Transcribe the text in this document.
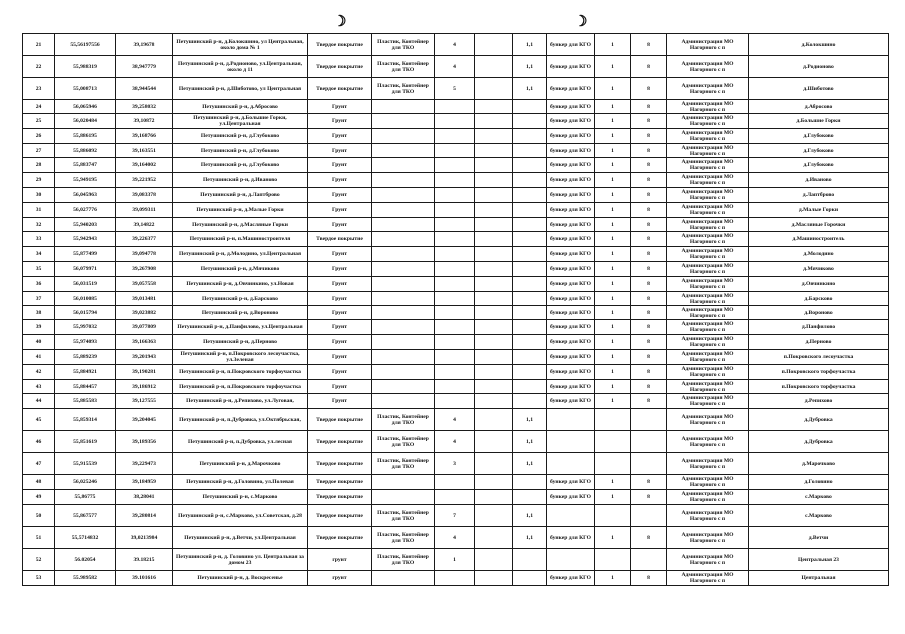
☽	☽
21	55,56197556	39,19678	Петушинский р-н, д.Колокшино, ул Центральная, около дома № 1	Твердое покрытие	Пластик, Контейнер для ТКО	4		1,1	бункер для КГО	1	8	Администрация МО Нагорного с п	д.Колокшино
22	55,988319	38,947779	Петушинский р-н, д.Родионово, ул.Центральная, около д 11	Твердое покрытие	Пластик, Контейнер для ТКО	4		1,1	бункер для КГО	1	8	Администрация МО Нагорного с п	д.Родионово
23	55,008713	38,944544	Петушинский р-н, д.Шиботово, ул Центральная	Твердое покрытие	Пластик, Контейнер для ТКО	5		1,1	бункер для КГО	1	8	Администрация МО Нагорного с п	д.Шиботово
24	56,065946	39,258032	Петушинский р-н, д.Абросово	Грунт					бункер для КГО	1	8	Администрация МО Нагорного с п	д.Абросово
25	56,020484	39,10872	Петушинский р-н, д.Большие Горки, ул.Центральная	Грунт					бункер для КГО	1	8	Администрация МО Нагорного с п	д.Большие Горки
26	55,886195	39,168766	Петушинский р-н, д.Глубоково	Грунт					бункер для КГО	1	8	Администрация МО Нагорного с п	д.Глубоково
27	55,886092	39,163551	Петушинский р-н, д.Глубоково	Грунт					бункер для КГО	1	8	Администрация МО Нагорного с п	д.Глубоково
28	55,883747	39,164002	Петушинский р-н, д.Глубоково	Грунт					бункер для КГО	1	8	Администрация МО Нагорного с п	д.Глубоково
29	55,949195	39,221952	Петушинский р-н, д.Иваново	Грунт					бункер для КГО	1	8	Администрация МО Нагорного с п	д.Иваново
30	56,045963	39,083378	Петушинский р-н, д.Лаптброво	Грунт					бункер для КГО	1	8	Администрация МО Нагорного с п	д.Лаптброво
31	56,027776	39,099311	Петушинский р-н, д.Малые Горки	Грунт					бункер для КГО	1	8	Администрация МО Нагорного с п	д.Малые Горки
32	55,940203	39,14822	Петушинский р-н, д.Масляные Горки	Грунт					бункер для КГО	1	8	Администрация МО Нагорного с п	д.Масляные Горочки
33	55,942943	39,226377	Петушинский р-н, п.Машиностроителя	Твердое покрытие					бункер для КГО	1	8	Администрация МО Нагорного с п	д.Машиностроитель
34	55,877499	39,094778	Петушинский р-н, д.Молодино, ул.Центральная	Грунт					бункер для КГО	1	8	Администрация МО Нагорного с п	д.Молодино
35	56,079971	39,267908	Петушинский р-н, д.Мячиково	Грунт					бункер для КГО	1	8	Администрация МО Нагорного с п	д.Мячиково
36	56,031519	39,057558	Петушинский р-н, д.Овчинкино, ул.Новая	Грунт					бункер для КГО	1	8	Администрация МО Нагорного с п	д.Овчинкино
37	56,010085	39,013481	Петушинский р-н, д.Барсково	Грунт					бункер для КГО	1	8	Администрация МО Нагорного с п	д.Барсково
38	56,015794	39,023882	Петушинский р-н, д.Вороново	Грунт					бункер для КГО	1	8	Администрация МО Нагорного с п	д.Вороново
39	55,997032	39,077809	Петушинский р-н, д.Панфилово, ул.Центральная	Грунт					бункер для КГО	1	8	Администрация МО Нагорного с п	д.Панфилово
40	55,974093	39,166363	Петушинский р-н, д.Перново	Грунт					бункер для КГО	1	8	Администрация МО Нагорного с п	д.Перново
41	55,889239	39,201943	Петушинский р-н, п.Покровского лесоучастка, ул.Зеленая	Грунт					бункер для КГО	1	8	Администрация МО Нагорного с п	п.Покровского лесоучастка
42	55,884921	39,190281	Петушинский р-н, п.Покровского торфоучастка	Грунт					бункер для КГО	1	8	Администрация МО Нагорного с п	п.Покровского торфоучастка
43	55,884457	39,186912	Петушинский р-н, п.Покровского торфоучастка	Грунт					бункер для КГО	1	8	Администрация МО Нагорного с п	п.Покровского торфоучастка
44	55,885583	39,127555	Петушинский р-н, д.Репихово, ул.Луговая,	Грунт					бункер для КГО	1	8	Администрация МО Нагорного с п	д.Репихово
45	55,859314	39,204045	Петушинский р-н, п.Дубровка, ул.Октябрьская,	Твердое покрытие	Пластик, Контейнер для ТКО	4		1,1				Администрация МО Нагорного с п	д.Дубровка
46	55,851619	39,189356	Петушинский р-н, п.Дубровка, ул.лесная	Твердое покрытие	Пластик, Контейнер для ТКО	4		1,1				Администрация МО Нагорного с п	д.Дубровка
47	55,915539	39,229473	Петушинский р-н, д.Марочково	Твердое покрытие	Пластик, Контейнер для ТКО	3		1,1				Администрация МО Нагорного с п	д.Марочково
48	56,025246	39,184959	Петушинский р-н, д.Головино, ул.Полевая	Твердое покрытие					бункер для КГО	1	8	Администрация МО Нагорного с п	д.Головино
49	55,86775	38,28041	Петушинский р-н, с.Марково	Твердое покрытие					бункер для КГО	1	8	Администрация МО Нагорного с п	с.Марково
50	55,867577	39,280814	Петушинский р-н, с.Марково, ул.Советская, д.28	Твердое покрытие	Пластик, Контейнер для ТКО	7		1,1				Администрация МО Нагорного с п	с.Марково
51	55,5714832	39,0213984	Петушинский р-н, д.Ветчи, ул.Центральная	Твердое покрытие	Пластик, Контейнер для ТКО	4		1,1	бункер для КГО	1	8	Администрация МО Нагорного с п	д.Ветчи
52	56.02054	39.18215	Петушинский р-н, д. Головино ул. Центральная за домом 23	грунт	Пластик, Контейнер для ТКО	1						Администрация МО Нагорного с п	Центральная 23
53	55.989582	39.101616	Петушинский р-н, д. Воскресенье	грунт					бункер для КГО	1	8	Администрация МО Нагорного с п	Центральная
